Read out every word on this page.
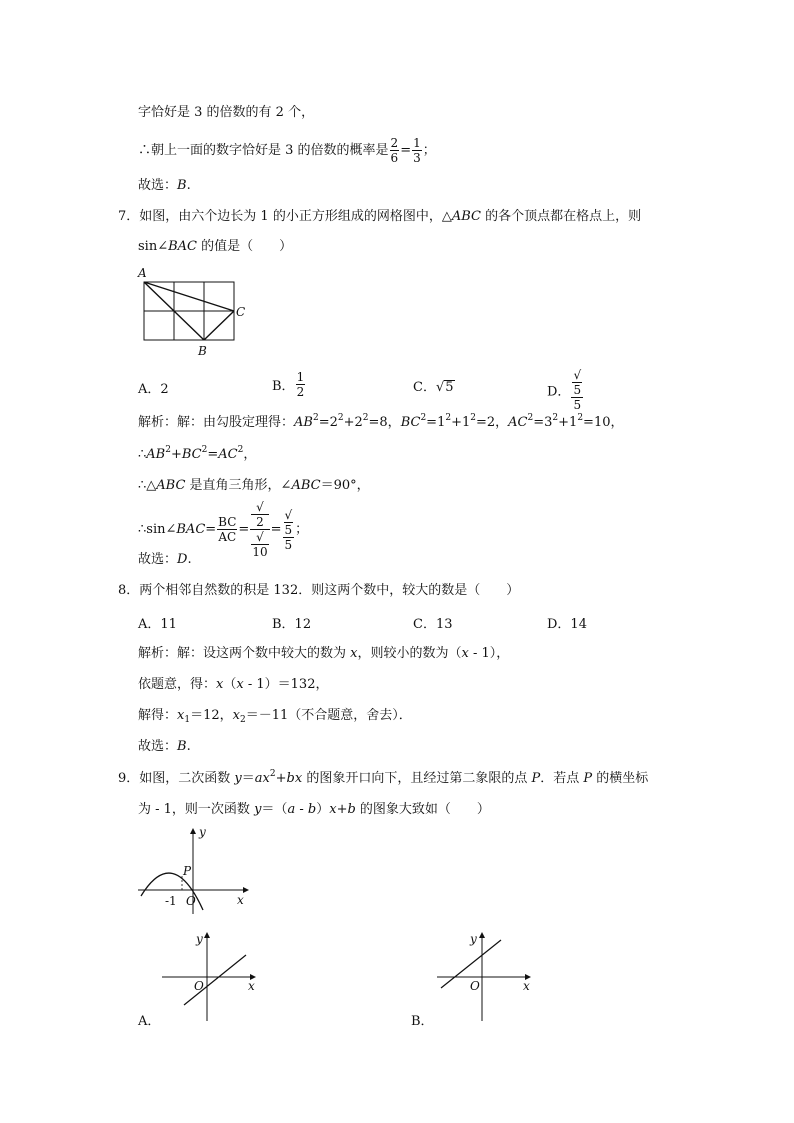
字恰好是 3 的倍数的有 2 个，
∴朝上一面的数字恰好是 3 的倍数的概率是 $\frac{2}{6} = \frac{1}{3}$ ；
故选：B.
7．如图，由六个边长为 1 的小正方形组成的网格图中，△ABC 的各个顶点都在格点上，则
sin∠BAC 的值是（　　）
A
C
B
A．2	B． $\frac{1}{2}$	C．√5	D． √
5
5
解析：解：由勾股定理得：$AB^2=2^2+2^2=8$，$BC^2=1^2+1^2=2$，$AC^2=3^2+1^2=10$，
$\therefore AB^2+BC^2=AC^2$，
∴△ABC 是直角三角形，∠ABC＝90°，
∴sin∠BAC= $\frac{BC}{AC}$ = √
2
√
10 = √
5
5 ；
故选：D.
8．两个相邻自然数的积是 132．则这两个数中，较大的数是（　　）
A．11	B．12	C．13	D．14
解析：解：设这两个数中较大的数为 x，则较小的数为（x - 1），
依题意，得：x（x - 1）＝132，
解得：$x_1=12$，$x_2=-11$（不合题意，舍去）．
故选：B.
9．如图，二次函数 $y=ax^2+bx$ 的图象开口向下，且经过第二象限的点 P．若点 P 的横坐标
为 - 1，则一次函数 y＝（a - b）x+b 的图象大致如（　　）
y
x
P
-1 O
y
x
O
A．
y
x
O
B．
